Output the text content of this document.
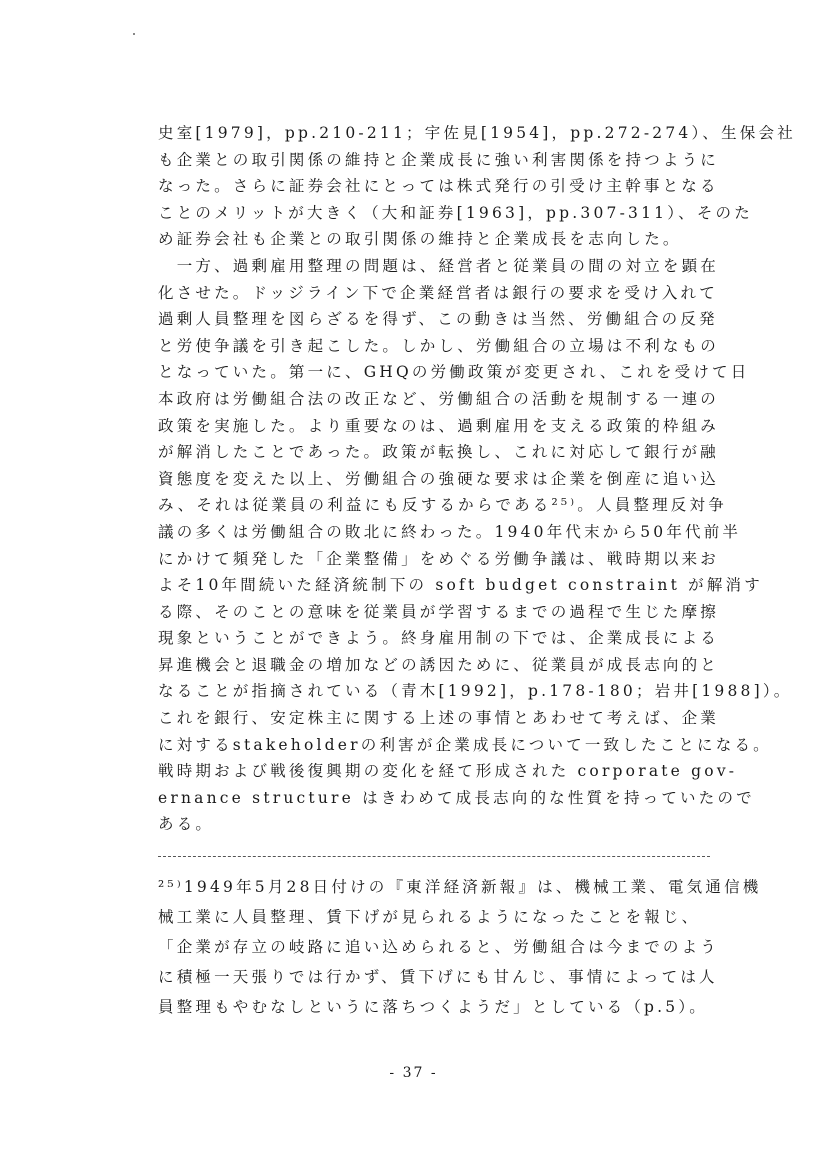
史室[1979]，pp.210-211；宇佐見[1954]，pp.272-274）、生保会社
も企業との取引関係の維持と企業成長に強い利害関係を持つように
なった。さらに証券会社にとっては株式発行の引受け主幹事となる
ことのメリットが大きく（大和証券[1963]，pp.307-311）、そのた
め証券会社も企業との取引関係の維持と企業成長を志向した。
　一方、過剰雇用整理の問題は、経営者と従業員の間の対立を顕在
化させた。ドッジライン下で企業経営者は銀行の要求を受け入れて
過剰人員整理を図らざるを得ず、この動きは当然、労働組合の反発
と労使争議を引き起こした。しかし、労働組合の立場は不利なもの
となっていた。第一に、GHQの労働政策が変更され、これを受けて日
本政府は労働組合法の改正など、労働組合の活動を規制する一連の
政策を実施した。より重要なのは、過剰雇用を支える政策的枠組み
が解消したことであった。政策が転換し、これに対応して銀行が融
資態度を変えた以上、労働組合の強硬な要求は企業を倒産に追い込
み、それは従業員の利益にも反するからである²⁵⁾。人員整理反対争
議の多くは労働組合の敗北に終わった。1940年代末から50年代前半
にかけて頻発した「企業整備」をめぐる労働争議は、戦時期以来お
よそ10年間続いた経済統制下の soft budget constraint が解消す
る際、そのことの意味を従業員が学習するまでの過程で生じた摩擦
現象ということができよう。終身雇用制の下では、企業成長による
昇進機会と退職金の増加などの誘因ために、従業員が成長志向的と
なることが指摘されている（青木[1992]，p.178-180；岩井[1988]）。
これを銀行、安定株主に関する上述の事情とあわせて考えば、企業
に対するstakeholderの利害が企業成長について一致したことになる。
戦時期および戦後復興期の変化を経て形成された corporate gov-
ernance structure はきわめて成長志向的な性質を持っていたので
ある。
²⁵⁾1949年5月28日付けの『東洋経済新報』は、機械工業、電気通信機
械工業に人員整理、賃下げが見られるようになったことを報じ、
「企業が存立の岐路に追い込められると、労働組合は今までのよう
に積極一天張りでは行かず、賃下げにも甘んじ、事情によっては人
員整理もやむなしというに落ちつくようだ」としている（p.5）。
- 37 -
